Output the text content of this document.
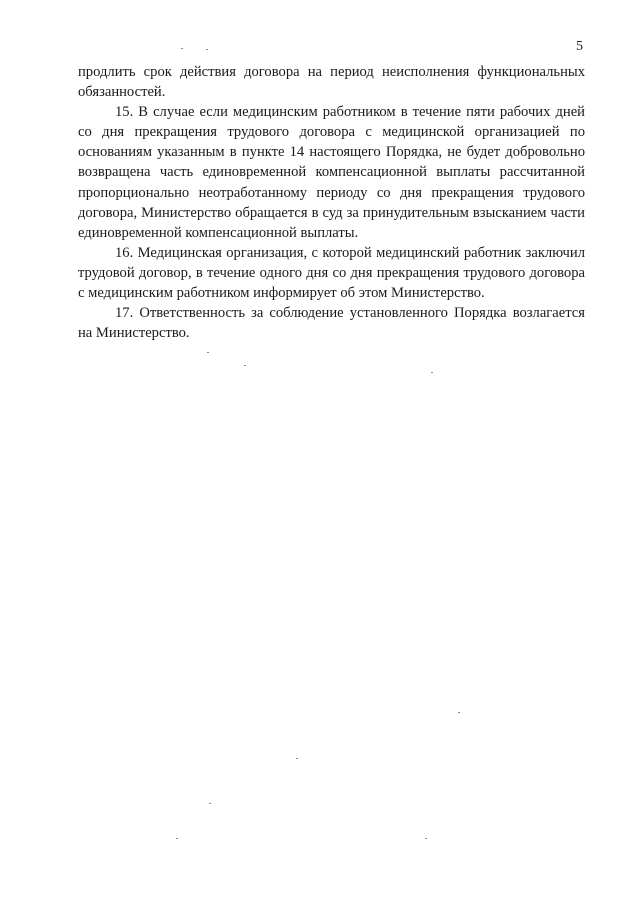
5

продлить срок действия договора на период неисполнения функциональных обязанностей.

15. В случае если медицинским работником в течение пяти рабочих дней со дня прекращения трудового договора с медицинской организацией по основаниям указанным в пункте 14 настоящего Порядка, не будет добровольно возвращена часть единовременной компенсационной выплаты рассчитанной пропорционально неотработанному периоду со дня прекращения трудового договора, Министерство обращается в суд за принудительным взысканием части единовременной компенсационной выплаты.

16. Медицинская организация, с которой медицинский работник заключил трудовой договор, в течение одного дня со дня прекращения трудового договора с медицинским работником информирует об этом Министерство.

17. Ответственность за соблюдение установленного Порядка возлагается на Министерство.
